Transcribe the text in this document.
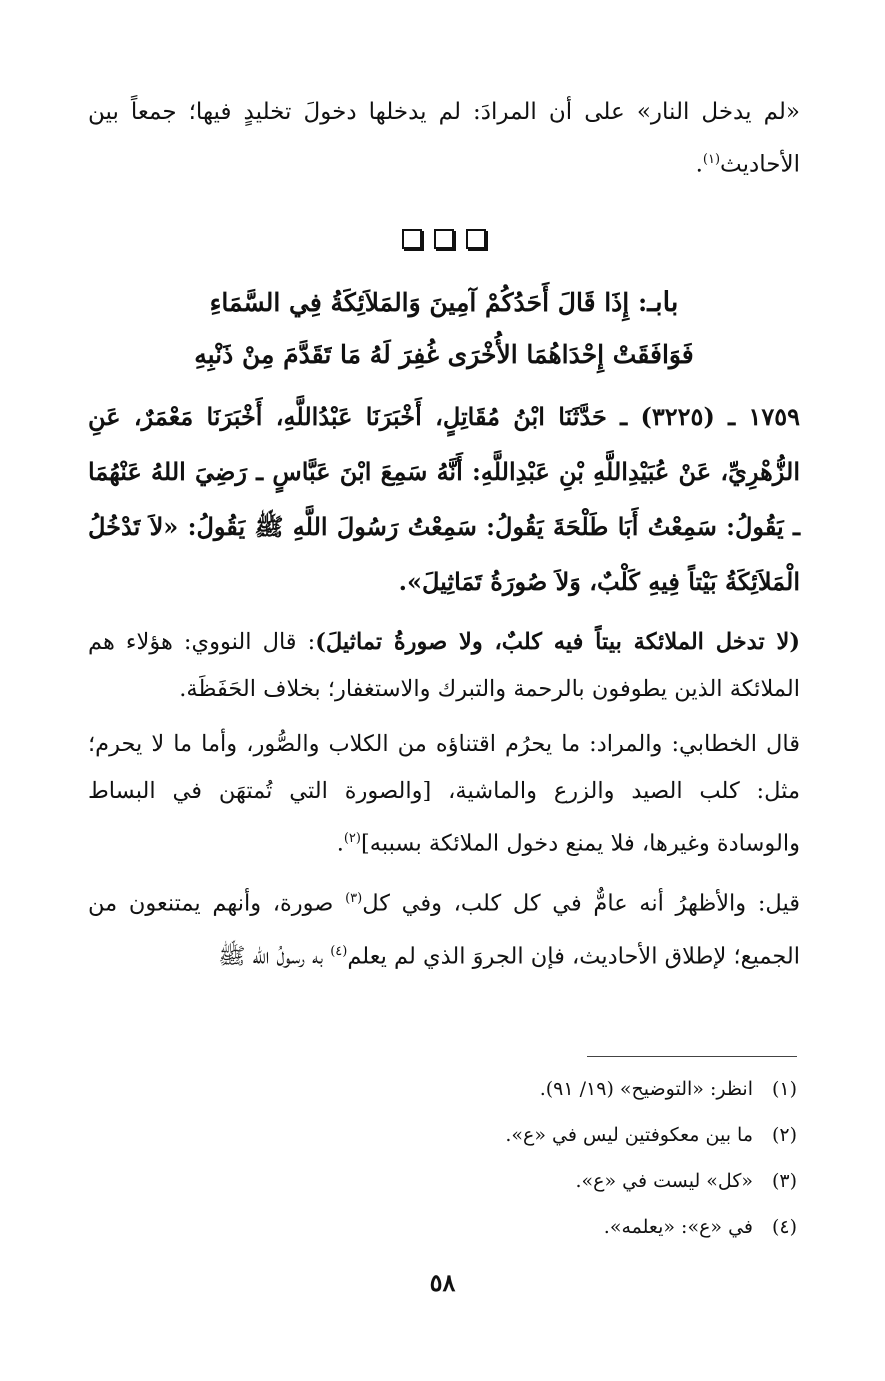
«لم يدخل النار» على أن المرادَ: لم يدخلها دخولَ تخليدٍ فيها؛ جمعاً بين الأحاديث$^{(١)}$.

بابـ: إِذَا قَالَ أَحَدُكُمْ آمِينَ وَالمَلاَئِكَةُ فِي السَّمَاءِ
فَوَافَقَتْ إِحْدَاهُمَا الأُخْرَى غُفِرَ لَهُ مَا تَقَدَّمَ مِنْ ذَنْبِهِ

١٧٥٩ ـ (٣٢٢٥) ـ حَدَّثَنَا ابْنُ مُقَاتِلٍ، أَخْبَرَنَا عَبْدُاللَّهِ، أَخْبَرَنَا مَعْمَرٌ، عَنِ الزُّهْرِيِّ، عَنْ عُبَيْدِاللَّهِ بْنِ عَبْدِاللَّهِ: أَنَّهُ سَمِعَ ابْنَ عَبَّاسٍ ـ رَضِيَ اللهُ عَنْهُمَا ـ يَقُولُ: سَمِعْتُ أَبَا طَلْحَةَ يَقُولُ: سَمِعْتُ رَسُولَ اللَّهِ ﷺ يَقُولُ: «لاَ تَدْخُلُ الْمَلاَئِكَةُ بَيْتاً فِيهِ كَلْبٌ، وَلاَ صُورَةُ تَمَاثِيلَ».

(لا تدخل الملائكة بيتاً فيه كلبٌ، ولا صورةُ تماثيلَ): قال النووي: هؤلاء هم الملائكة الذين يطوفون بالرحمة والتبرك والاستغفار؛ بخلاف الحَفَظَة.

قال الخطابي: والمراد: ما يحرُم اقتناؤه من الكلاب والصُّور، وأما ما لا يحرم؛ مثل: كلب الصيد والزرع والماشية، [والصورة التي تُمتهَن في البساط والوسادة وغيرها، فلا يمنع دخول الملائكة بسببه]$^{(٢)}$.

قيل: والأظهرُ أنه عامٌّ في كل كلب، وفي كل$^{(٣)}$ صورة، وأنهم يمتنعون من الجميع؛ لإطلاق الأحاديث، فإن الجروَ الذي لم يعلم$^{(٤)}$ به رسولُ الله ﷺ

(١)انظر: «التوضيح» (١٩/ ٩١).
(٢)ما بين معكوفتين ليس في «ع».
(٣)«كل» ليست في «ع».
(٤)في «ع»: «يعلمه».
٥٨
